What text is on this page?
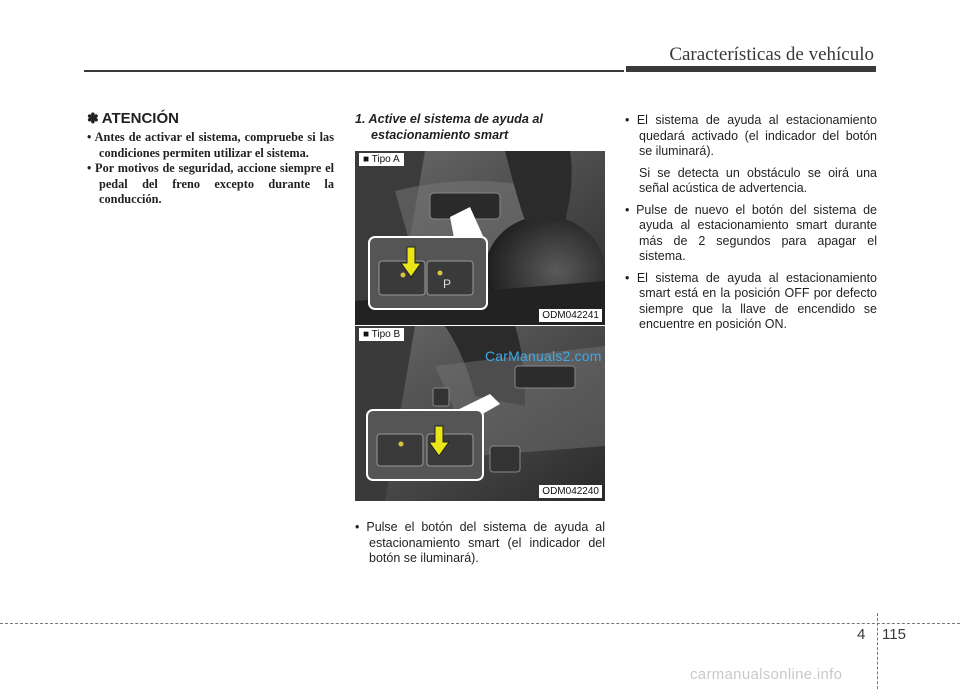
Características de vehículo
✽ ATENCIÓN
• Antes de activar el sistema, compruebe si las condiciones permiten utilizar el sistema.
• Por motivos de seguridad, accione siempre el pedal del freno excepto durante la conducción.
1. Active el sistema de ayuda al estacionamiento smart
P
■ Tipo A
ODM042241
■ Tipo B
ODM042240
CarManuals2.com
• Pulse el botón del sistema de ayuda al estacionamiento smart (el indicador del botón se iluminará).

• El sistema de ayuda al estacionamiento quedará activado (el indicador del botón se iluminará).

Si se detecta un obstáculo se oirá una señal acústica de advertencia.

• Pulse de nuevo el botón del sistema de ayuda al estacionamiento smart durante más de 2 segundos para apagar el sistema.

• El sistema de ayuda al estacionamiento smart está en la posición OFF por defecto siempre que la llave de encendido se encuentre en posición ON.

4 115
carmanualsonline.info
